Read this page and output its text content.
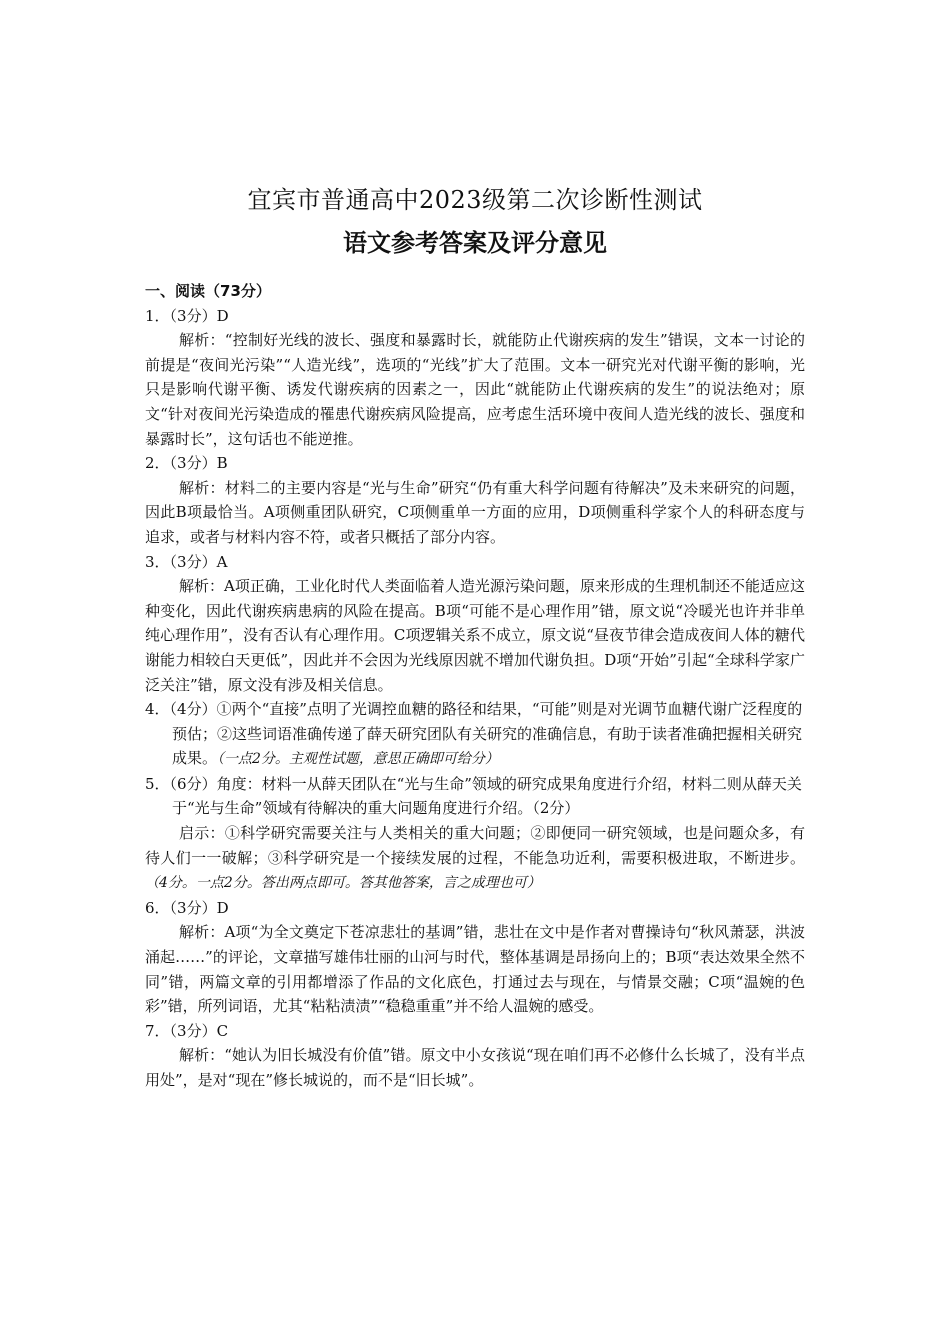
宜宾市普通高中2023级第二次诊断性测试
语文参考答案及评分意见

一、阅读（73分）

1．（3分）D

解析：“控制好光线的波长、强度和暴露时长，就能防止代谢疾病的发生”错误，文本一讨论的前提是“夜间光污染”“人造光线”，选项的“光线”扩大了范围。文本一研究光对代谢平衡的影响，光只是影响代谢平衡、诱发代谢疾病的因素之一，因此“就能防止代谢疾病的发生”的说法绝对；原文“针对夜间光污染造成的罹患代谢疾病风险提高，应考虑生活环境中夜间人造光线的波长、强度和暴露时长”，这句话也不能逆推。

2．（3分）B

解析：材料二的主要内容是“光与生命”研究“仍有重大科学问题有待解决”及未来研究的问题，因此B项最恰当。A项侧重团队研究，C项侧重单一方面的应用，D项侧重科学家个人的科研态度与追求，或者与材料内容不符，或者只概括了部分内容。

3．（3分）A

解析：A项正确，工业化时代人类面临着人造光源污染问题，原来形成的生理机制还不能适应这种变化，因此代谢疾病患病的风险在提高。B项“可能不是心理作用”错，原文说“冷暖光也许并非单纯心理作用”，没有否认有心理作用。C项逻辑关系不成立，原文说“昼夜节律会造成夜间人体的糖代谢能力相较白天更低”，因此并不会因为光线原因就不增加代谢负担。D项“开始”引起“全球科学家广泛关注”错，原文没有涉及相关信息。

4．（4分）①两个“直接”点明了光调控血糖的路径和结果，“可能”则是对光调节血糖代谢广泛程度的预估；②这些词语准确传递了薛天研究团队有关研究的准确信息，有助于读者准确把握相关研究成果。（一点2分。主观性试题，意思正确即可给分）

5．（6分）角度：材料一从薛天团队在“光与生命”领域的研究成果角度进行介绍，材料二则从薛天关于“光与生命”领域有待解决的重大问题角度进行介绍。（2分）

启示：①科学研究需要关注与人类相关的重大问题；②即便同一研究领域，也是问题众多，有待人们一一破解；③科学研究是一个接续发展的过程，不能急功近利，需要积极进取，不断进步。（4分。一点2分。答出两点即可。答其他答案，言之成理也可）

6．（3分）D

解析：A项“为全文奠定下苍凉悲壮的基调”错，悲壮在文中是作者对曹操诗句“秋风萧瑟，洪波涌起……”的评论，文章描写雄伟壮丽的山河与时代，整体基调是昂扬向上的；B项“表达效果全然不同”错，两篇文章的引用都增添了作品的文化底色，打通过去与现在，与情景交融；C项“温婉的色彩”错，所列词语，尤其“粘粘渍渍”“稳稳重重”并不给人温婉的感受。

7．（3分）C

解析：“她认为旧长城没有价值”错。原文中小女孩说“现在咱们再不必修什么长城了，没有半点用处”，是对“现在”修长城说的，而不是“旧长城”。
